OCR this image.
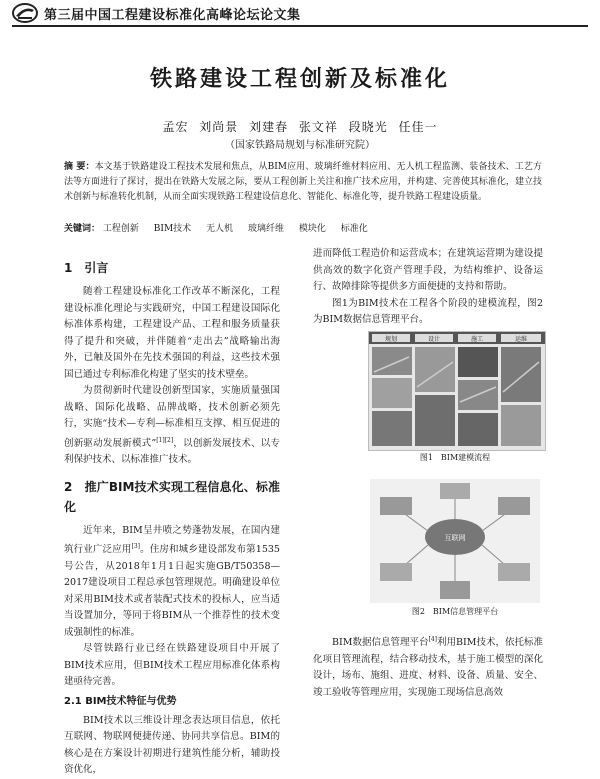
第三届中国工程建设标准化高峰论坛论文集
铁路建设工程创新及标准化
孟宏 刘尚景 刘建春 张文祥 段晓光 任佳一
（国家铁路局规划与标准研究院）
摘 要：本文基于铁路建设工程技术发展和焦点，从BIM应用、玻璃纤维材料应用、无人机工程监测、装备技术、工艺方法等方面进行了探讨，提出在铁路大发展之际，要从工程创新上关注和推广技术应用，并构建、完善使其标准化，建立技术创新与标准转化机制，从而全面实现铁路工程建设信息化、智能化、标准化等，提升铁路工程建设质量。
关键词： 工程创新 BIM技术 无人机 玻璃纤维 模块化 标准化
1　引言

随着工程建设标准化工作改革不断深化，工程建设标准化理论与实践研究，中国工程建设国际化标准体系构建，工程建设产品、工程和服务质量获得了提升和突破，并伴随着“走出去”战略输出海外，已触及国外在先技术强国的利益，这些技术强国已通过专利标准化构建了坚实的技术壁垒。

为贯彻新时代建设创新型国家，实施质量强国战略、国际化战略、品牌战略，技术创新必须先行，实施“技术—专利—标准相互支撑、相互促进的创新驱动发展新模式”[1][2]，以创新发展技术、以专利保护技术、以标准推广技术。

2　推广BIM技术实现工程信息化、标准化

近年来，BIM呈井喷之势蓬勃发展，在国内建筑行业广泛应用[3]。住房和城乡建设部发布第1535号公告，从2018年1月1日起实施GB/T50358—2017建设项目工程总承包管理规范。明确建设单位对采用BIM技术或者装配式技术的投标人，应当适当设置加分，等同于将BIM从一个推荐性的技术变成强制性的标准。

尽管铁路行业已经在铁路建设项目中开展了BIM技术应用，但BIM技术工程应用标准化体系构建亟待完善。

2.1 BIM技术特征与优势

BIM技术以三维设计理念表达项目信息，依托互联网、物联网便捷传递、协同共享信息。BIM的核心是在方案设计初期进行建筑性能分析，辅助投资优化，

进而降低工程造价和运营成本；在建筑运营期为建设提供高效的数字化资产管理手段，为结构维护、设备运行、故障排除等提供多方面便捷的支持和帮助。

图1为BIM技术在工程各个阶段的建模流程，图2为BIM数据信息管理平台。

规划	设计	施工	运维
图1　BIM建模流程
互联网
图2　BIM信息管理平台

BIM数据信息管理平台[4]利用BIM技术，依托标准化项目管理流程，结合移动技术，基于施工模型的深化设计，场布、施组、进度、材料、设备、质量、安全、竣工验收等管理应用，实现施工现场信息高效
